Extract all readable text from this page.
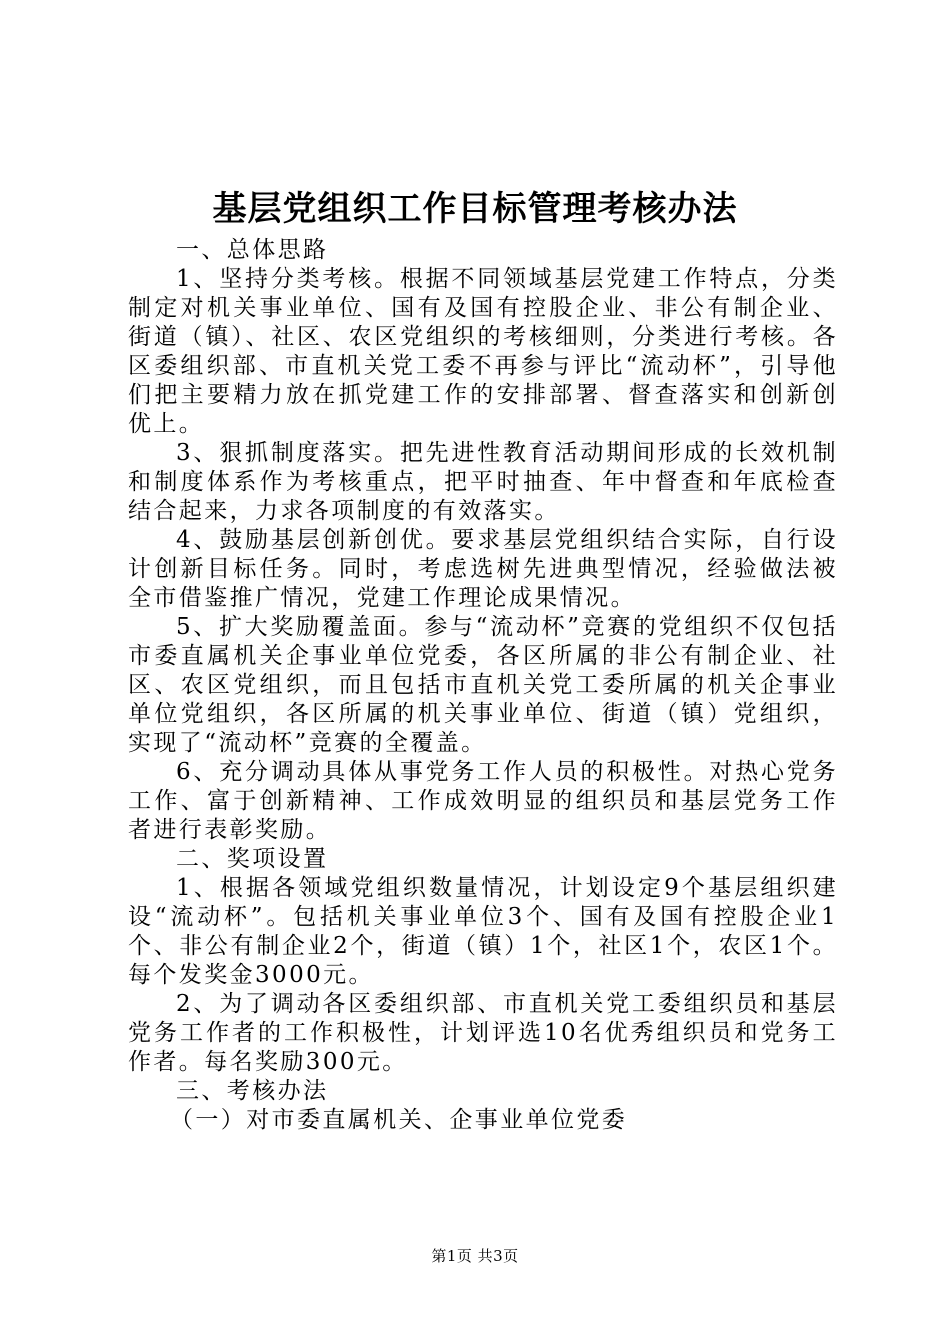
基层党组织工作目标管理考核办法

一、总体思路

1、坚持分类考核。根据不同领域基层党建工作特点，分类制定对机关事业单位、国有及国有控股企业、非公有制企业、街道（镇）、社区、农区党组织的考核细则，分类进行考核。各区委组织部、市直机关党工委不再参与评比“流动杯”，引导他们把主要精力放在抓党建工作的安排部署、督查落实和创新创优上。

3、狠抓制度落实。把先进性教育活动期间形成的长效机制和制度体系作为考核重点，把平时抽查、年中督查和年底检查结合起来，力求各项制度的有效落实。

4、鼓励基层创新创优。要求基层党组织结合实际，自行设计创新目标任务。同时，考虑选树先进典型情况，经验做法被全市借鉴推广情况，党建工作理论成果情况。

5、扩大奖励覆盖面。参与“流动杯”竞赛的党组织不仅包括市委直属机关企事业单位党委，各区所属的非公有制企业、社区、农区党组织，而且包括市直机关党工委所属的机关企事业单位党组织，各区所属的机关事业单位、街道（镇）党组织，实现了“流动杯”竞赛的全覆盖。

6、充分调动具体从事党务工作人员的积极性。对热心党务工作、富于创新精神、工作成效明显的组织员和基层党务工作者进行表彰奖励。

二、奖项设置

1、根据各领域党组织数量情况，计划设定9个基层组织建设“流动杯”。包括机关事业单位3个、国有及国有控股企业1个、非公有制企业2个，街道（镇）1个，社区1个，农区1个。每个发奖金3000元。

2、为了调动各区委组织部、市直机关党工委组织员和基层党务工作者的工作积极性，计划评选10名优秀组织员和党务工作者。每名奖励300元。

三、考核办法

（一）对市委直属机关、企事业单位党委

第1页 共3页
